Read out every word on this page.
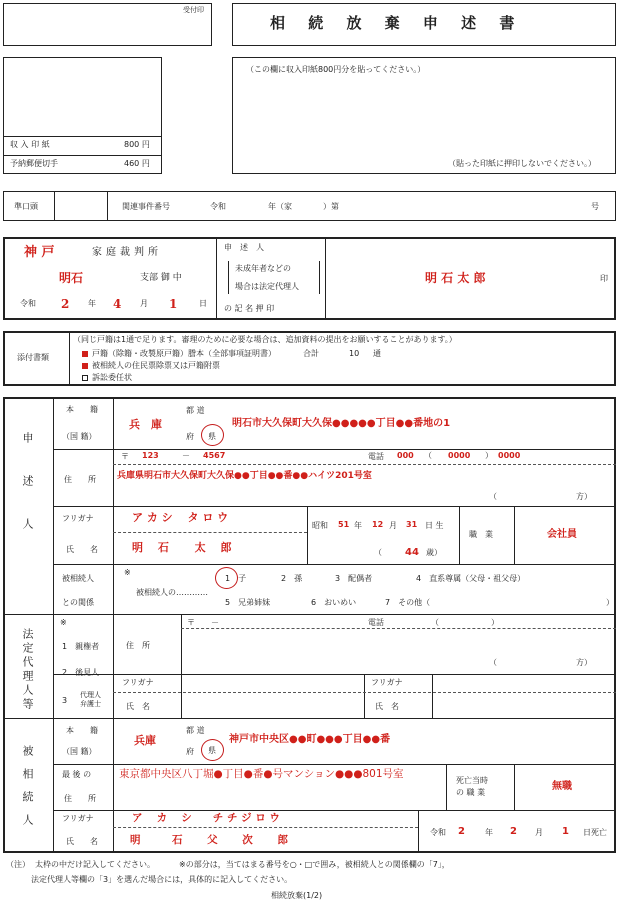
受付印
相 続 放 棄 申 述 書
収 入 印 紙	800 円
予納郵便切手	460 円
（この欄に収入印紙800円分を貼ってください。）
（貼った印紙に押印しないでください。）
準口頭	関連事件番号	令和	年（家	）第	号
神 戸	家庭裁判所
明石	支部 御 中
令和 2 年 4 月 1	日
申　述　人
未成年者などの
場合は法定代理人
の 記 名 押 印
明 石 太 郎	印
添付書類
（同じ戸籍は1通で足ります。審理のために必要な場合は、追加資料の提出をお願いすることがあります。）
戸籍（除籍・改製原戸籍）謄本（全部事項証明書）	合計	10 通
被相続人の住民票除票又は戸籍附票
訴訟委任状
申述人
本　　籍
（国 籍）
兵　庫
都 道
府 県
明石市大久保町大久保●●●●●丁目●●番地の1
〒 123	－ 4567	電話 000 （ 0000 ） 0000
住　　所 兵庫県明石市大久保町大久保●●丁目●●番●●ハイツ201号室
（	方）
フリガナ	ア カ シ　 タ ロ ウ
氏　　名	明　 石　　 太　 郎
昭和 51 年 12 月 31 日 生
（ 44 歳）
職　業	会社員
被相続人
との関係
※
1　子	2　孫	3　配偶者	4　直系尊属（父母・祖父母）
被相続人の…………
5　兄弟姉妹	6　おいめい	7　その他（	）
法定代理人等
※
1　親権者
2　後見人
3
代理人
弁護士
〒　　－	電話	（	）
住　所
（	方）
フリガナ
氏　名
フリガナ
氏　名
被相続人
本　　籍
（国 籍）
兵庫
都 道
府 県
神戸市中央区●●町●●●丁目●●番
最 後 の
住　　所
東京都中央区八丁堀●丁目●番●号マンション●●●801号室
死亡当時
の 職 業
無職
フリガナ	ア　 カ　 シ　　チ チ ジ ロ ウ
氏　　名	明　　　石　　 父　　 次　　 郎
令和 2	年 2 月 1 日死亡
（注） 太枠の中だけ記入してください。	※の部分は，当てはまる番号を○・□で囲み，被相続人との関係欄の「7」，
法定代理人等欄の「3」を選んだ場合には，具体的に記入してください。
相続放棄(1/2)
